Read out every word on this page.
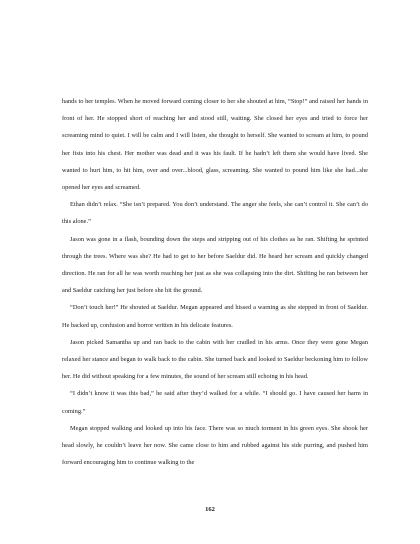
hands to her temples. When he moved forward coming closer to her she shouted at him, “Stop!” and raised her hands in front of her. He stopped short of reaching her and stood still, waiting. She closed her eyes and tried to force her screaming mind to quiet. I will be calm and I will listen, she thought to herself. She wanted to scream at him, to pound her fists into his chest. Her mother was dead and it was his fault. If he hadn’t left them she would have lived. She wanted to hurt him, to hit him, over and over...blood, glass, screaming. She wanted to pound him like she had...she opened her eyes and screamed.

Ethan didn’t relax. “She isn’t prepared. You don’t understand. The anger she feels, she can’t control it. She can’t do this alone.”

Jason was gone in a flash, bounding down the steps and stripping out of his clothes as he ran. Shifting he sprinted through the trees. Where was she? He had to get to her before Saeldur did. He heard her scream and quickly changed direction. He ran for all he was worth reaching her just as she was collapsing into the dirt. Shifting he ran between her and Saeldur catching her just before she hit the ground.

“Don’t touch her!” He shouted at Saeldur. Megan appeared and hissed a warning as she stepped in front of Saeldur. He backed up, confusion and horror written in his delicate features.

Jason picked Samantha up and ran back to the cabin with her cradled in his arms. Once they were gone Megan relaxed her stance and began to walk back to the cabin. She turned back and looked to Saeldur beckoning him to follow her. He did without speaking for a few minutes, the sound of her scream still echoing in his head.

“I didn’t know it was this bad,” he said after they’d walked for a while. “I should go. I have caused her harm in coming.”

Megan stopped walking and looked up into his face. There was so much torment in his green eyes. She shook her head slowly, he couldn’t leave her now. She came close to him and rubbed against his side purring, and pushed him forward encouraging him to continue walking to the

162
